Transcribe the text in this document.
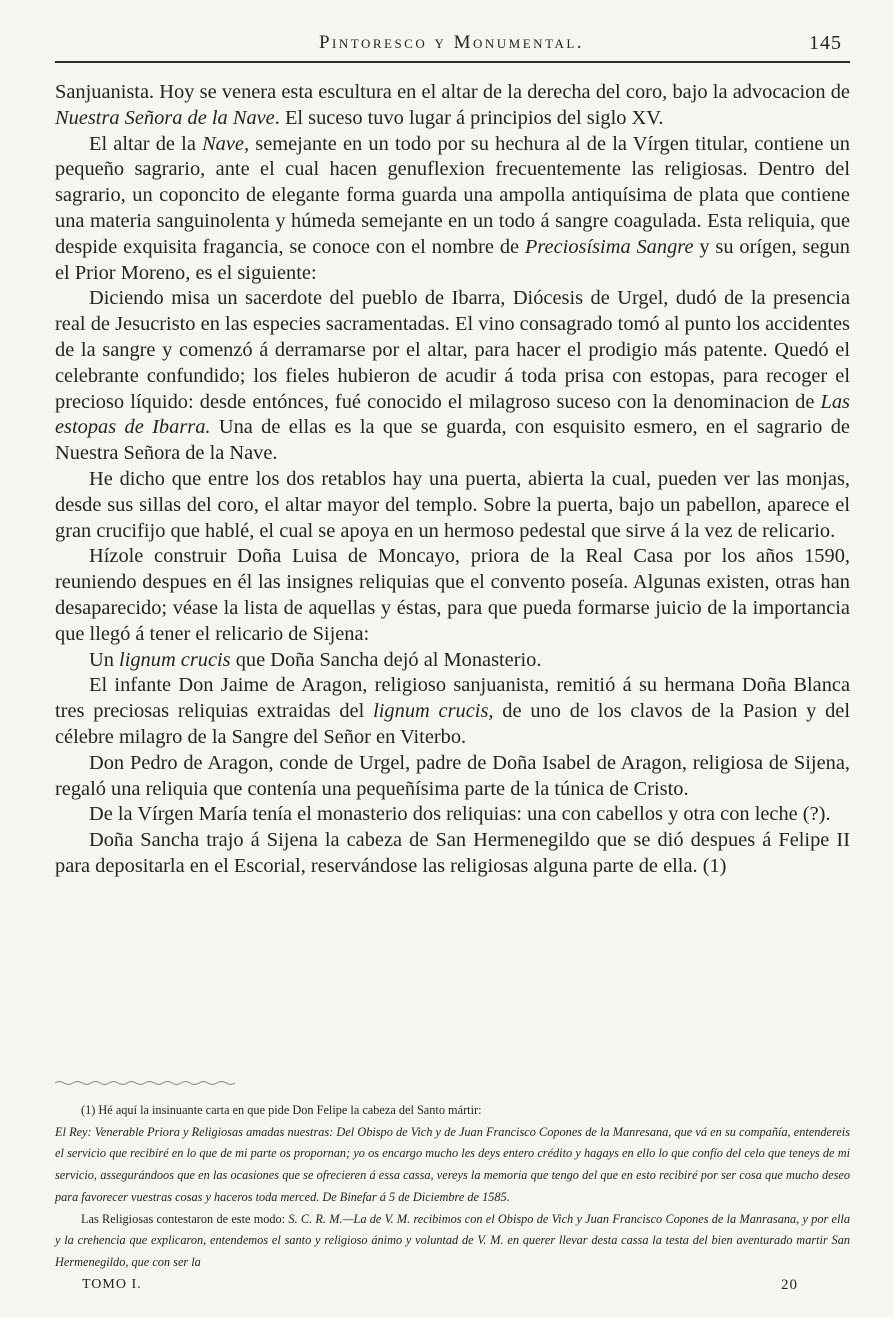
Pintoresco y Monumental.	145

Sanjuanista. Hoy se venera esta escultura en el altar de la derecha del coro, bajo la advocacion de Nuestra Señora de la Nave. El suceso tuvo lugar á principios del siglo XV.

El altar de la Nave, semejante en un todo por su hechura al de la Vírgen titular, contiene un pequeño sagrario, ante el cual hacen genuflexion frecuentemente las religiosas. Dentro del sagrario, un coponcito de elegante forma guarda una ampolla antiquísima de plata que contiene una materia sanguinolenta y húmeda semejante en un todo á sangre coagulada. Esta reliquia, que despide exquisita fragancia, se conoce con el nombre de Preciosísima Sangre y su orígen, segun el Prior Moreno, es el siguiente:

Diciendo misa un sacerdote del pueblo de Ibarra, Diócesis de Urgel, dudó de la presencia real de Jesucristo en las especies sacramentadas. El vino consagrado tomó al punto los accidentes de la sangre y comenzó á derramarse por el altar, para hacer el prodigio más patente. Quedó el celebrante confundido; los fieles hubieron de acudir á toda prisa con estopas, para recoger el precioso líquido: desde entónces, fué conocido el milagroso suceso con la denominacion de Las estopas de Ibarra. Una de ellas es la que se guarda, con esquisito esmero, en el sagrario de Nuestra Señora de la Nave.

He dicho que entre los dos retablos hay una puerta, abierta la cual, pueden ver las monjas, desde sus sillas del coro, el altar mayor del templo. Sobre la puerta, bajo un pabellon, aparece el gran crucifijo que hablé, el cual se apoya en un hermoso pedestal que sirve á la vez de relicario.

Hízole construir Doña Luisa de Moncayo, priora de la Real Casa por los años 1590, reuniendo despues en él las insignes reliquias que el convento poseía. Algunas existen, otras han desaparecido; véase la lista de aquellas y éstas, para que pueda formarse juicio de la importancia que llegó á tener el relicario de Sijena:

Un lignum crucis que Doña Sancha dejó al Monasterio.

El infante Don Jaime de Aragon, religioso sanjuanista, remitió á su hermana Doña Blanca tres preciosas reliquias extraidas del lignum crucis, de uno de los clavos de la Pasion y del célebre milagro de la Sangre del Señor en Viterbo.

Don Pedro de Aragon, conde de Urgel, padre de Doña Isabel de Aragon, religiosa de Sijena, regaló una reliquia que contenía una pequeñísima parte de la túnica de Cristo.

De la Vírgen María tenía el monasterio dos reliquias: una con cabellos y otra con leche (?).

Doña Sancha trajo á Sijena la cabeza de San Hermenegildo que se dió despues á Felipe II para depositarla en el Escorial, reservándose las religiosas alguna parte de ella. (1)

(1) Hé aquí la insinuante carta en que pide Don Felipe la cabeza del Santo mártir:

El Rey: Venerable Priora y Religiosas amadas nuestras: Del Obispo de Vich y de Juan Francisco Copones de la Manresana, que vá en su compañía, entendereis el servicio que recibiré en lo que de mi parte os propornan; yo os encargo mucho les deys entero crédito y hagays en ello lo que confío del celo que teneys de mi servicio, assegurándoos que en las ocasiones que se ofrecieren á essa cassa, vereys la memoria que tengo del que en esto recibiré por ser cosa que mucho deseo para favorecer vuestras cosas y haceros toda merced. De Binefar á 5 de Diciembre de 1585.

Las Religiosas contestaron de este modo: S. C. R. M.—La de V. M. recibimos con el Obispo de Vich y Juan Francisco Copones de la Manrasana, y por ella y la crehencia que explicaron, entendemos el santo y religioso ánimo y voluntad de V. M. en querer llevar desta cassa la testa del bien aventurado martir San Hermenegildo, que con ser la

TOMO I.	20
